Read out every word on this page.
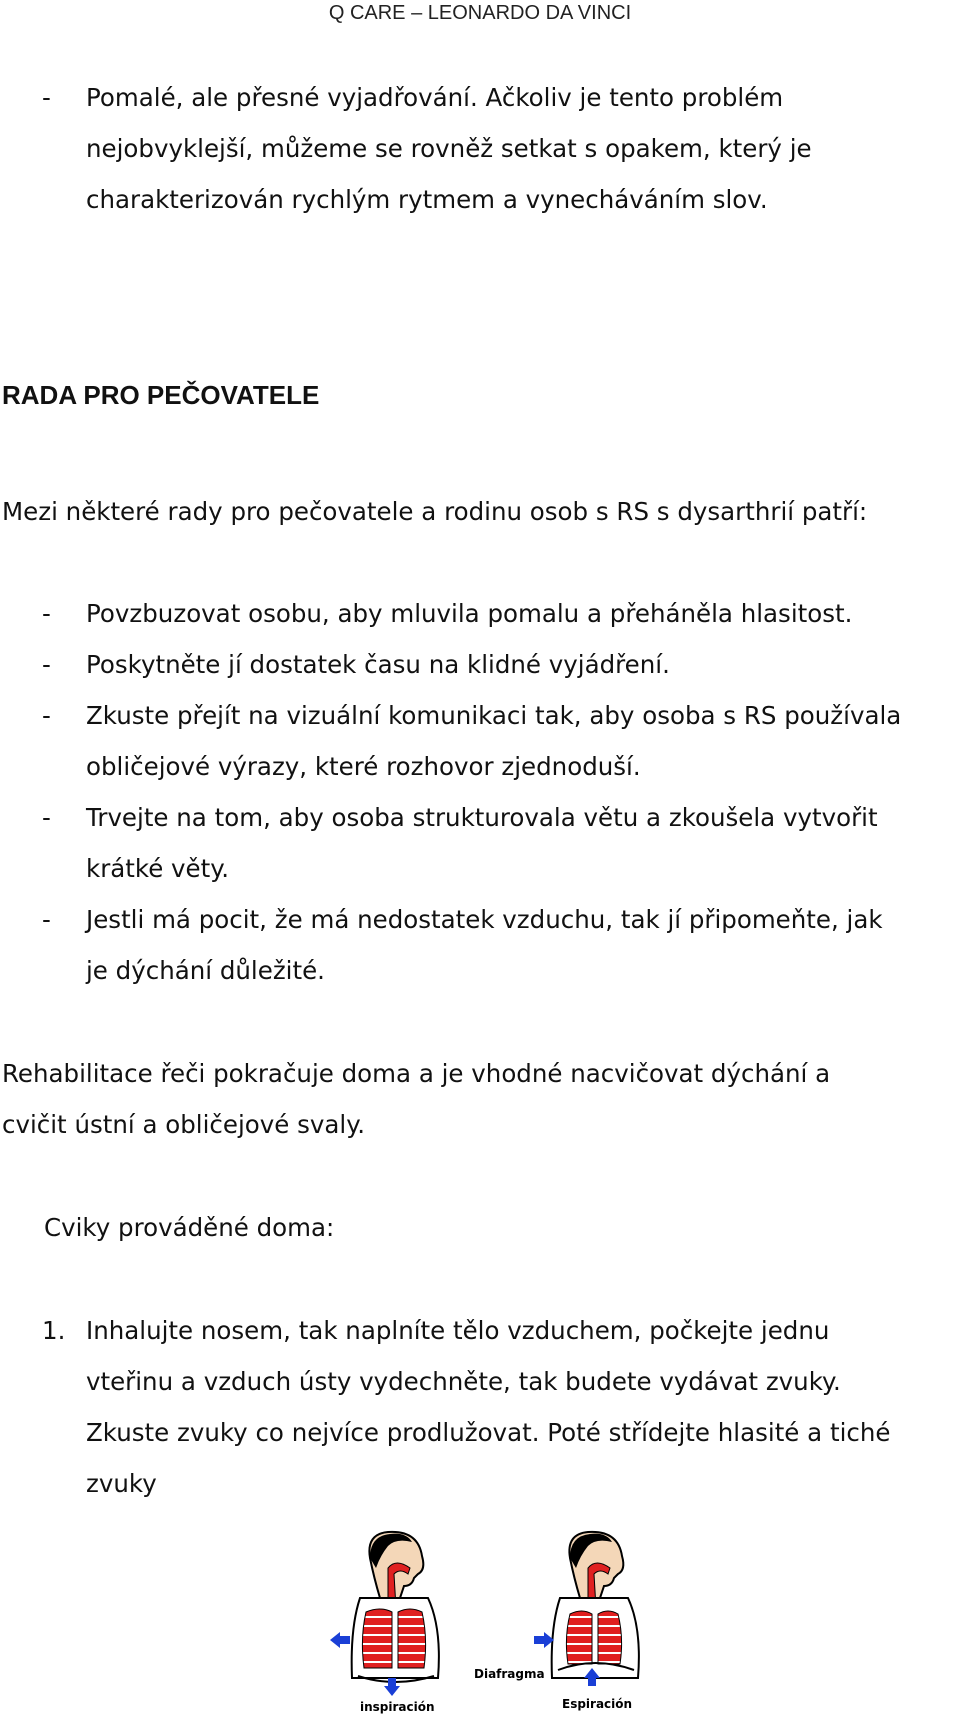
Q CARE – LEONARDO DA VINCI
- Pomalé, ale přesné vyjadřování. Ačkoliv je tento problém
nejobvyklejší, můžeme se rovněž setkat s opakem, který je
charakterizován rychlým rytmem a vynecháváním slov.
RADA PRO PEČOVATELE
Mezi některé rady pro pečovatele a rodinu osob s RS s dysarthrií patří:
- Povzbuzovat osobu, aby mluvila pomalu a přeháněla hlasitost.
- Poskytněte jí dostatek času na klidné vyjádření.
- Zkuste přejít na vizuální komunikaci tak, aby osoba s RS používala
obličejové výrazy, které rozhovor zjednoduší.
- Trvejte na tom, aby osoba strukturovala větu a zkoušela vytvořit
krátké věty.
- Jestli má pocit, že má nedostatek vzduchu, tak jí připomeňte, jak
je dýchání důležité.
Rehabilitace řeči pokračuje doma a je vhodné nacvičovat dýchání a
cvičit ústní a obličejové svaly.
Cviky prováděné doma:
1. Inhalujte nosem, tak naplníte tělo vzduchem, počkejte jednu
vteřinu a vzduch ústy vydechněte, tak budete vydávat zvuky.
Zkuste zvuky co nejvíce prodlužovat. Poté střídejte hlasité a tiché
zvuky
inspiración
Diafragma
Espiración
